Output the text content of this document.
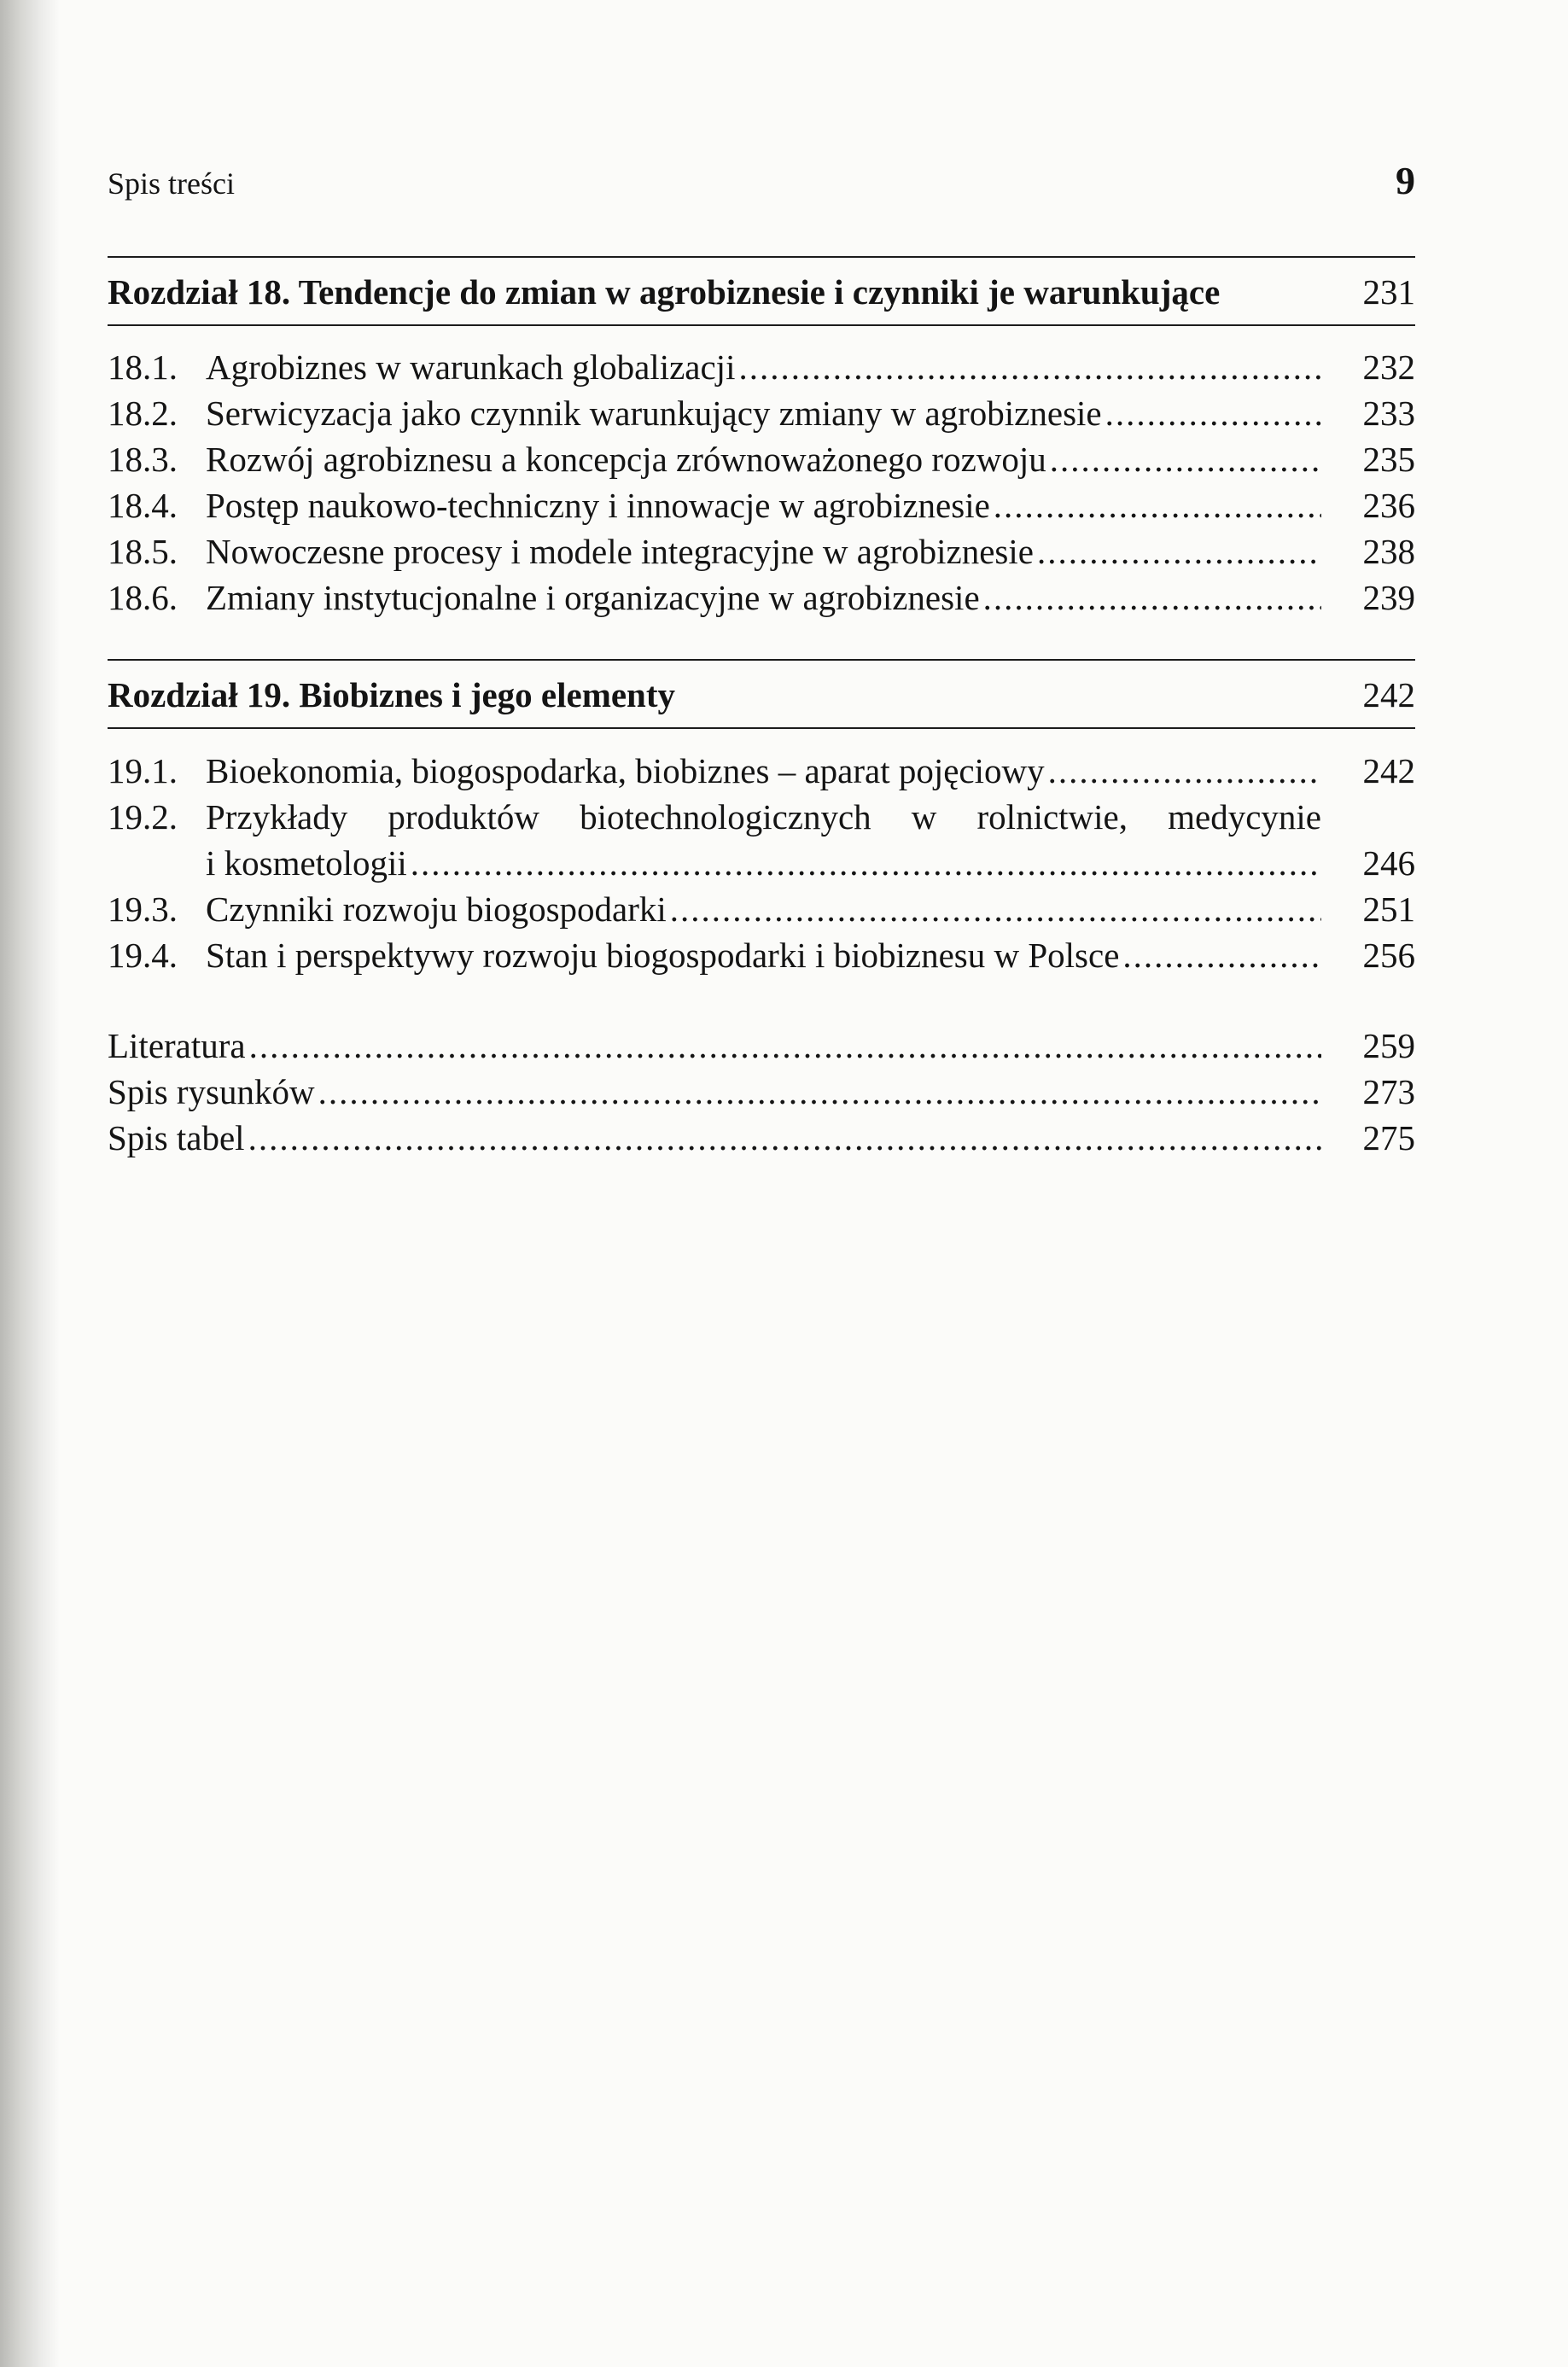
Spis treści	9
Rozdział 18. Tendencje do zmian w agrobiznesie i czynniki je warunkujące	231
18.1. Agrobiznes w warunkach globalizacji .....	232
18.2. Serwicyzacja jako czynnik warunkujący zmiany w agrobiznesie .....	233
18.3. Rozwój agrobiznesu a koncepcja zrównoważonego rozwoju .....	235
18.4. Postęp naukowo-techniczny i innowacje w agrobiznesie .....	236
18.5. Nowoczesne procesy i modele integracyjne w agrobiznesie .....	238
18.6. Zmiany instytucjonalne i organizacyjne w agrobiznesie .....	239
Rozdział 19. Biobiznes i jego elementy	242
19.1. Bioekonomia, biogospodarka, biobiznes – aparat pojęciowy .....	242
19.2. Przykłady produktów biotechnologicznych w rolnictwie, medycynie
i kosmetologii .....	246
19.3. Czynniki rozwoju biogospodarki .....	251
19.4. Stan i perspektywy rozwoju biogospodarki i biobiznesu w Polsce .....	256
Literatura .....	259
Spis rysunków .....	273
Spis tabel .....	275
